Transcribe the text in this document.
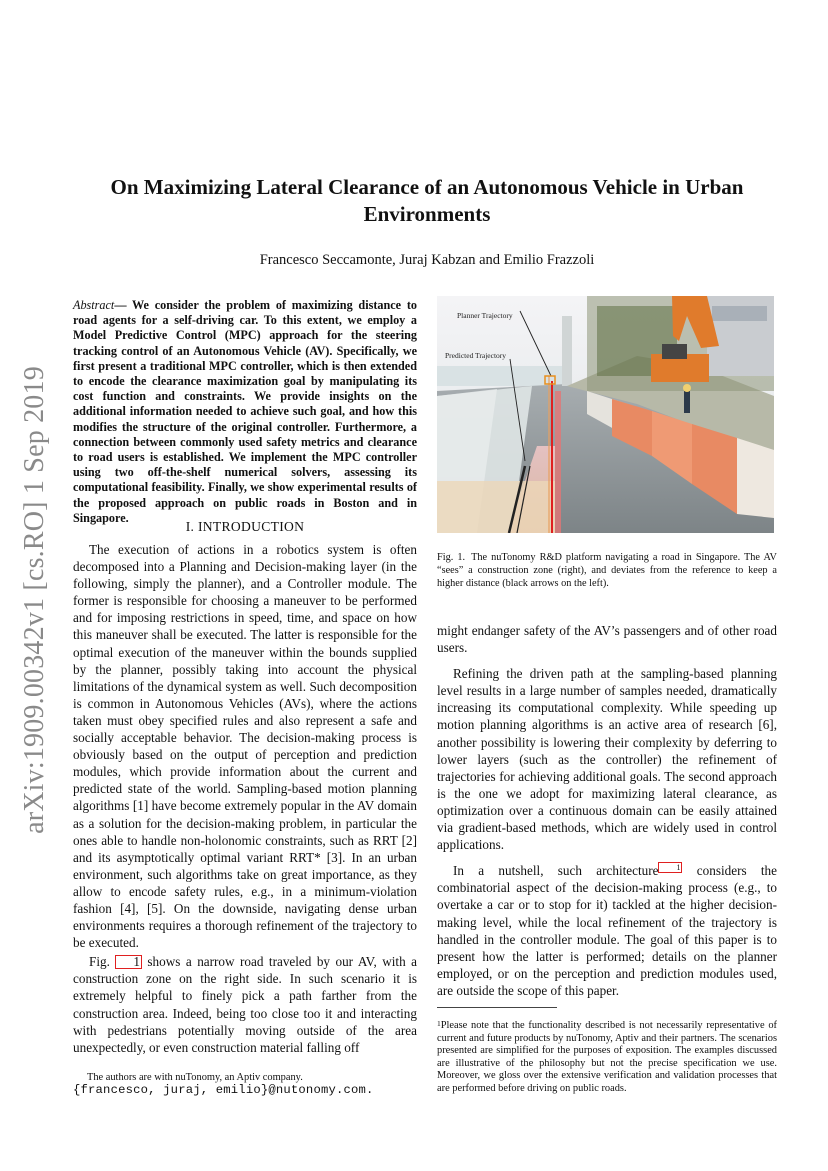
arXiv:1909.00342v1 [cs.RO] 1 Sep 2019
On Maximizing Lateral Clearance of an Autonomous Vehicle in Urban Environments
Francesco Seccamonte, Juraj Kabzan and Emilio Frazzoli
Abstract— We consider the problem of maximizing distance to road agents for a self-driving car. To this extent, we employ a Model Predictive Control (MPC) approach for the steering tracking control of an Autonomous Vehicle (AV). Specifically, we first present a traditional MPC controller, which is then extended to encode the clearance maximization goal by manipulating its cost function and constraints. We provide insights on the additional information needed to achieve such goal, and how this modifies the structure of the original controller. Furthermore, a connection between commonly used safety metrics and clearance to road users is established. We implement the MPC controller using two off-the-shelf numerical solvers, assessing its computational feasibility. Finally, we show experimental results of the proposed approach on public roads in Boston and in Singapore.
I. INTRODUCTION

The execution of actions in a robotics system is often decomposed into a Planning and Decision-making layer (in the following, simply the planner), and a Controller module. The former is responsible for choosing a maneuver to be performed and for imposing restrictions in speed, time, and space on how this maneuver shall be executed. The latter is responsible for the optimal execution of the maneuver within the bounds supplied by the planner, possibly taking into account the physical limitations of the dynamical system as well. Such decomposition is common in Autonomous Vehicles (AVs), where the actions taken must obey specified rules and also represent a safe and socially acceptable behavior. The decision-making process is obviously based on the output of perception and prediction modules, which provide information about the current and predicted state of the world. Sampling-based motion planning algorithms [1] have become extremely popular in the AV domain as a solution for the decision-making problem, in particular the ones able to handle non-holonomic constraints, such as RRT [2] and its asymptotically optimal variant RRT* [3]. In an urban environment, such algorithms take on great importance, as they allow to encode safety rules, e.g., in a minimum-violation fashion [4], [5]. On the downside, navigating dense urban environments requires a thorough refinement of the trajectory to be executed.

Fig. 1 shows a narrow road traveled by our AV, with a construction zone on the right side. In such scenario it is extremely helpful to finely pick a path farther from the construction area. Indeed, being too close too it and interacting with pedestrians potentially moving outside of the area unexpectedly, or even construction material falling off

The authors are with nuTonomy, an Aptiv company.
{francesco, juraj, emilio}@nutonomy.com.
Planner Trajectory
Predicted Trajectory
Fig. 1. The nuTonomy R&D platform navigating a road in Singapore. The AV “sees” a construction zone (right), and deviates from the reference to keep a higher distance (black arrows on the left).

might endanger safety of the AV’s passengers and of other road users.

Refining the driven path at the sampling-based planning level results in a large number of samples needed, dramatically increasing its computational complexity. While speeding up motion planning algorithms is an active area of research [6], another possibility is lowering their complexity by deferring to lower layers (such as the controller) the refinement of trajectories for achieving additional goals. The second approach is the one we adopt for maximizing lateral clearance, as optimization over a continuous domain can be easily attained via gradient-based methods, which are widely used in control applications.

In a nutshell, such architecture 1 considers the combinatorial aspect of the decision-making process (e.g., to overtake a car or to stop for it) tackled at the higher decision-making level, while the local refinement of the trajectory is handled in the controller module. The goal of this paper is to present how the latter is performed; details on the planner employed, or on the perception and prediction modules used, are outside the scope of this paper.

$^1$Please note that the functionality described is not necessarily representative of current and future products by nuTonomy, Aptiv and their partners. The scenarios presented are simplified for the purposes of exposition. The examples discussed are illustrative of the philosophy but not the precise specification we use. Moreover, we gloss over the extensive verification and validation processes that are performed before driving on public roads.
